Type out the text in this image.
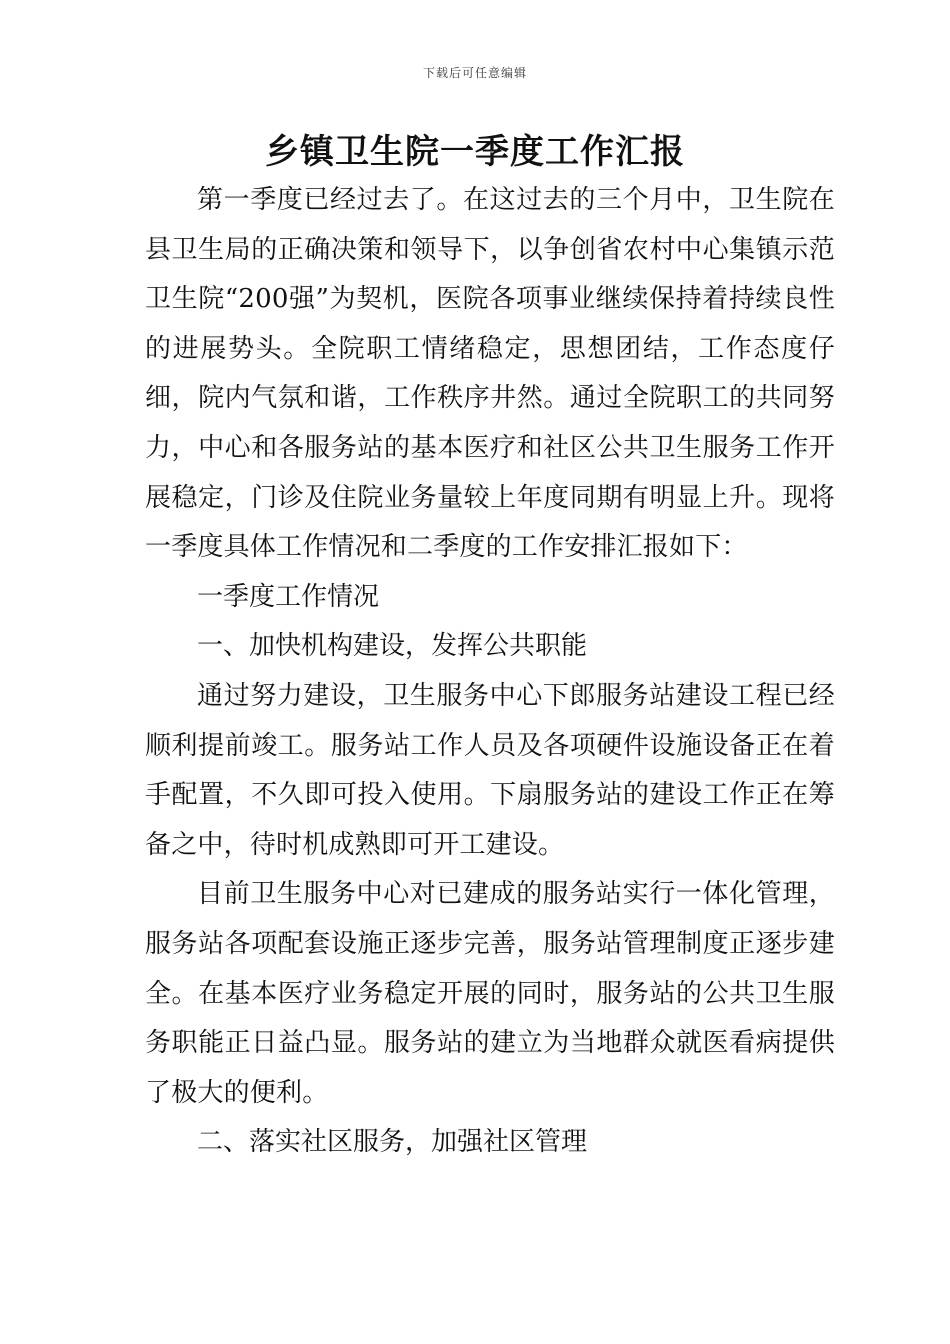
下载后可任意编辑
乡镇卫生院一季度工作汇报

第一季度已经过去了。在这过去的三个月中，卫生院在县卫生局的正确决策和领导下，以争创省农村中心集镇示范卫生院“200强”为契机，医院各项事业继续保持着持续良性的进展势头。全院职工情绪稳定，思想团结，工作态度仔细，院内气氛和谐，工作秩序井然。通过全院职工的共同努力，中心和各服务站的基本医疗和社区公共卫生服务工作开展稳定，门诊及住院业务量较上年度同期有明显上升。现将一季度具体工作情况和二季度的工作安排汇报如下：

一季度工作情况

一、加快机构建设，发挥公共职能

通过努力建设，卫生服务中心下郎服务站建设工程已经顺利提前竣工。服务站工作人员及各项硬件设施设备正在着手配置，不久即可投入使用。下扇服务站的建设工作正在筹备之中，待时机成熟即可开工建设。

目前卫生服务中心对已建成的服务站实行一体化管理，服务站各项配套设施正逐步完善，服务站管理制度正逐步建全。在基本医疗业务稳定开展的同时，服务站的公共卫生服务职能正日益凸显。服务站的建立为当地群众就医看病提供了极大的便利。

二、落实社区服务，加强社区管理
